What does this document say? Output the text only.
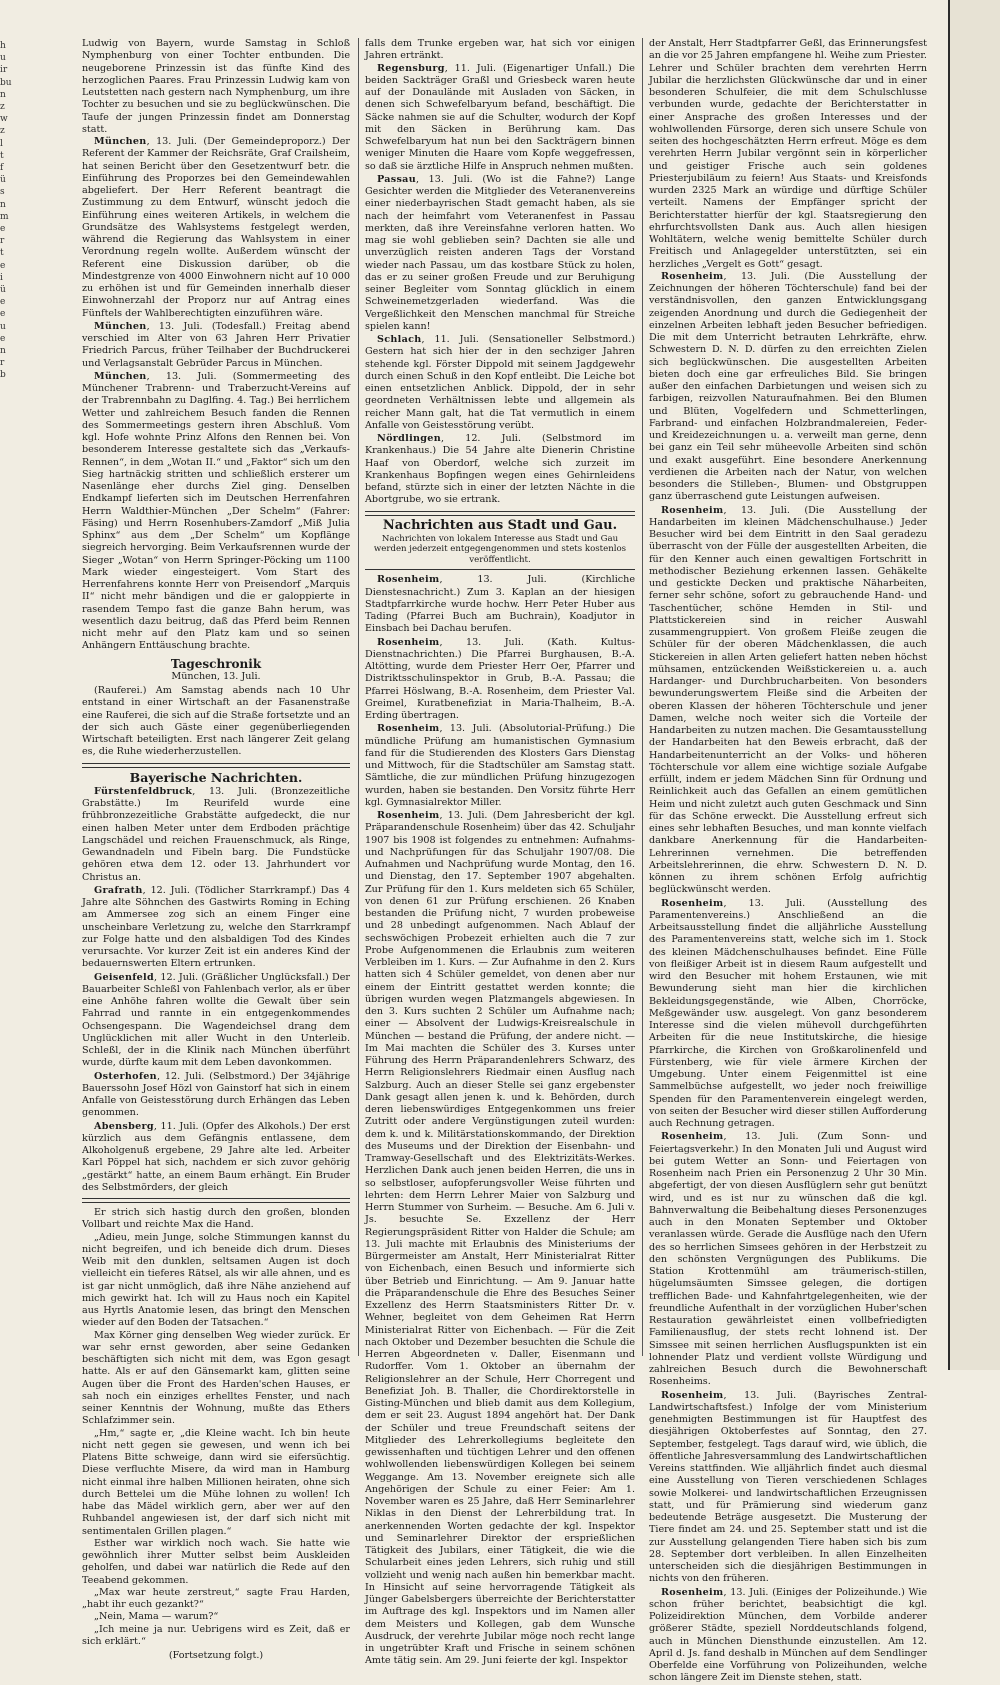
h
u
ir
bu
n
z
w
z
l
t
f
ü
s
n
m
e
r
t
e
i
ü
e
e
u
e
n
r
b

Ludwig von Bayern, wurde Samstag in Schloß Nymphenburg von einer Tochter entbunden. Die neugeborene Prinzessin ist das fünfte Kind des herzoglichen Paares. Frau Prinzessin Ludwig kam von Leutstetten nach gestern nach Nymphenburg, um ihre Tochter zu besuchen und sie zu beglückwünschen. Die Taufe der jungen Prinzessin findet am Donnerstag statt.

München, 13. Juli. (Der Gemeindeproporz.) Der Referent der Kammer der Reichsräte, Graf Crailsheim, hat seinen Bericht über den Gesetzentwurf betr. die Einführung des Proporzes bei den Gemeindewahlen abgeliefert. Der Herr Referent beantragt die Zustimmung zu dem Entwurf, wünscht jedoch die Einführung eines weiteren Artikels, in welchem die Grundsätze des Wahlsystems festgelegt werden, während die Regierung das Wahlsystem in einer Verordnung regeln wollte. Außerdem wünscht der Referent eine Diskussion darüber, ob die Mindestgrenze von 4000 Einwohnern nicht auf 10 000 zu erhöhen ist und für Gemeinden innerhalb dieser Einwohnerzahl der Proporz nur auf Antrag eines Fünftels der Wahlberechtigten einzuführen wäre.

München, 13. Juli. (Todesfall.) Freitag abend verschied im Alter von 63 Jahren Herr Privatier Friedrich Parcus, früher Teilhaber der Buchdruckerei und Verlagsanstalt Gebrüder Parcus in München.

München, 13. Juli. (Sommermeeting des Münchener Trabrenn- und Traberzucht-Vereins auf der Trabrennbahn zu Daglfing. 4. Tag.) Bei herrlichem Wetter und zahlreichem Besuch fanden die Rennen des Sommermeetings gestern ihren Abschluß. Vom kgl. Hofe wohnte Prinz Alfons den Rennen bei. Von besonderem Interesse gestaltete sich das „Verkaufs-Rennen“, in dem „Wotan II.“ und „Faktor“ sich um den Sieg hartnäckig stritten und schließlich ersterer um Nasenlänge eher durchs Ziel ging. Denselben Endkampf lieferten sich im Deutschen Herrenfahren Herrn Waldthier-München „Der Schelm“ (Fahrer: Fäsing) und Herrn Rosenhubers-Zamdorf „Miß Julia Sphinx“ aus dem „Der Schelm“ um Kopflänge siegreich hervorging. Beim Verkaufsrennen wurde der Sieger „Wotan“ von Herrn Springer-Pöcking um 1100 Mark wieder eingesteigert. Vom Start des Herrenfahrens konnte Herr von Preisendorf „Marquis II“ nicht mehr bändigen und die er galoppierte in rasendem Tempo fast die ganze Bahn herum, was wesentlich dazu beitrug, daß das Pferd beim Rennen nicht mehr auf den Platz kam und so seinen Anhängern Enttäuschung brachte.

Tageschronik
München, 13. Juli.

(Rauferei.) Am Samstag abends nach 10 Uhr entstand in einer Wirtschaft an der Fasanenstraße eine Rauferei, die sich auf die Straße fortsetzte und an der sich auch Gäste einer gegenüberliegenden Wirtschaft beteiligten. Erst nach längerer Zeit gelang es, die Ruhe wiederherzustellen.

Bayerische Nachrichten.

Fürstenfeldbruck, 13. Juli. (Bronzezeitliche Grabstätte.) Im Reurifeld wurde eine frühbronzezeitliche Grabstätte aufgedeckt, die nur einen halben Meter unter dem Erdboden prächtige Langschädel und reichen Frauenschmuck, als Ringe, Gewandnadeln und Fibeln barg. Die Fundstücke gehören etwa dem 12. oder 13. Jahrhundert vor Christus an.

Grafrath, 12. Juli. (Tödlicher Starrkrampf.) Das 4 Jahre alte Söhnchen des Gastwirts Roming in Eching am Ammersee zog sich an einem Finger eine unscheinbare Verletzung zu, welche den Starrkrampf zur Folge hatte und den alsbaldigen Tod des Kindes verursachte. Vor kurzer Zeit ist ein anderes Kind der bedauernswerten Eltern ertrunken.

Geisenfeld, 12. Juli. (Gräßlicher Unglücksfall.) Der Bauarbeiter Schleßl von Fahlenbach verlor, als er über eine Anhöhe fahren wollte die Gewalt über sein Fahrrad und rannte in ein entgegenkommendes Ochsengespann. Die Wagendeichsel drang dem Unglücklichen mit aller Wucht in den Unterleib. Schleßl, der in die Klinik nach München überführt wurde, dürfte kaum mit dem Leben davonkommen.

Osterhofen, 12. Juli. (Selbstmord.) Der 34jährige Bauerssohn Josef Hözl von Gainstorf hat sich in einem Anfalle von Geistesstörung durch Erhängen das Leben genommen.

Abensberg, 11. Juli. (Opfer des Alkohols.) Der erst kürzlich aus dem Gefängnis entlassene, dem Alkoholgenuß ergebene, 29 Jahre alte led. Arbeiter Karl Pöppel hat sich, nachdem er sich zuvor gehörig „gestärkt“ hatte, an einem Baum erhängt. Ein Bruder des Selbstmörders, der gleich

Er strich sich hastig durch den großen, blonden Vollbart und reichte Max die Hand.

„Adieu, mein Junge, solche Stimmungen kannst du nicht begreifen, und ich beneide dich drum. Dieses Weib mit den dunklen, seltsamen Augen ist doch vielleicht ein tieferes Rätsel, als wir alle ahnen, und es ist gar nicht unmöglich, daß ihre Nähe anziehend auf mich gewirkt hat. Ich will zu Haus noch ein Kapitel aus Hyrtls Anatomie lesen, das bringt den Menschen wieder auf den Boden der Tatsachen.“

Max Körner ging denselben Weg wieder zurück. Er war sehr ernst geworden, aber seine Gedanken beschäftigten sich nicht mit dem, was Egon gesagt hatte. Als er auf den Gänsemarkt kam, glitten seine Augen über die Front des Harden'schen Hauses, er sah noch ein einziges erhelltes Fenster, und nach seiner Kenntnis der Wohnung, mußte das Ethers Schlafzimmer sein.

„Hm,“ sagte er, „die Kleine wacht. Ich bin heute nicht nett gegen sie gewesen, und wenn ich bei Platens Bitte schweige, dann wird sie eifersüchtig. Diese verfluchte Misere, da wird man in Hamburg nicht einmal ihre halben Millionen heiraten, ohne sich durch Bettelei um die Mühe lohnen zu wollen! Ich habe das Mädel wirklich gern, aber wer auf den Ruhbandel angewiesen ist, der darf sich nicht mit sentimentalen Grillen plagen.“

Esther war wirklich noch wach. Sie hatte wie gewöhnlich ihrer Mutter selbst beim Auskleiden geholfen, und dabei war natürlich die Rede auf den Teeabend gekommen.

„Max war heute zerstreut,“ sagte Frau Harden, „habt ihr euch gezankt?“

„Nein, Mama — warum?“

„Ich meine ja nur. Uebrigens wird es Zeit, daß er sich erklärt.“

(Fortsetzung folgt.)

falls dem Trunke ergeben war, hat sich vor einigen Jahren ertränkt.

Regensburg, 11. Juli. (Eigenartiger Unfall.) Die beiden Sackträger Graßl und Griesbeck waren heute auf der Donaulände mit Ausladen von Säcken, in denen sich Schwefelbaryum befand, beschäftigt. Die Säcke nahmen sie auf die Schulter, wodurch der Kopf mit den Säcken in Berührung kam. Das Schwefelbaryum hat nun bei den Sackträgern binnen weniger Minuten die Haare vom Kopfe weggefressen, so daß sie ärztliche Hilfe in Anspruch nehmen mußten.

Passau, 13. Juli. (Wo ist die Fahne?) Lange Gesichter werden die Mitglieder des Veteranenvereins einer niederbayrischen Stadt gemacht haben, als sie nach der heimfahrt vom Veteranenfest in Passau merkten, daß ihre Vereinsfahne verloren hatten. Wo mag sie wohl geblieben sein? Dachten sie alle und unverzüglich reisten anderen Tags der Vorstand wieder nach Passau, um das kostbare Stück zu holen, das er zu seiner großen Freude und zur Beruhigung seiner Begleiter vom Sonntag glücklich in einem Schweinemetzgerladen wiederfand. Was die Vergeßlichkeit den Menschen manchmal für Streiche spielen kann!

Schlach, 11. Juli. (Sensationeller Selbstmord.) Gestern hat sich hier der in den sechziger Jahren stehende kgl. Förster Dippold mit seinem Jagdgewehr durch einen Schuß in den Kopf entleibt. Die Leiche bot einen entsetzlichen Anblick. Dippold, der in sehr geordneten Verhältnissen lebte und allgemein als reicher Mann galt, hat die Tat vermutlich in einem Anfalle von Geistesstörung verübt.

Nördlingen, 12. Juli. (Selbstmord im Krankenhaus.) Die 54 Jahre alte Dienerin Christine Haaf von Oberdorf, welche sich zurzeit im Krankenhaus Bopfingen wegen eines Gehirnleidens befand, stürzte sich in einer der letzten Nächte in die Abortgrube, wo sie ertrank.

Nachrichten aus Stadt und Gau.
Nachrichten von lokalem Interesse aus Stadt und Gau werden jederzeit entgegengenommen und stets kostenlos veröffentlicht.

Rosenheim, 13. Juli. (Kirchliche Dienstesnachricht.) Zum 3. Kaplan an der hiesigen Stadtpfarrkirche wurde hochw. Herr Peter Huber aus Tading (Pfarrei Buch am Buchrain), Koadjutor in Einsbach bei Dachau berufen.

Rosenheim, 13. Juli. (Kath. Kultus-Dienstnachrichten.) Die Pfarrei Burghausen, B.-A. Altötting, wurde dem Priester Herr Oer, Pfarrer und Distriktsschulinspektor in Grub, B.-A. Passau; die Pfarrei Höslwang, B.-A. Rosenheim, dem Priester Val. Greimel, Kuratbenefiziat in Maria-Thalheim, B.-A. Erding übertragen.

Rosenheim, 13. Juli. (Absolutorial-Prüfung.) Die mündliche Prüfung am humanistischen Gymnasium fand für die Studierenden des Klosters Gars Dienstag und Mittwoch, für die Stadtschüler am Samstag statt. Sämtliche, die zur mündlichen Prüfung hinzugezogen wurden, haben sie bestanden. Den Vorsitz führte Herr kgl. Gymnasialrektor Miller.

Rosenheim, 13. Juli. (Dem Jahresbericht der kgl. Präparandenschule Rosenheim) über das 42. Schuljahr 1907 bis 1908 ist folgendes zu entnehmen: Aufnahms- und Nachprüfungen für das Schuljahr 1907/08. Die Aufnahmen und Nachprüfung wurde Montag, den 16. und Dienstag, den 17. September 1907 abgehalten. Zur Prüfung für den 1. Kurs meldeten sich 65 Schüler, von denen 61 zur Prüfung erschienen. 26 Knaben bestanden die Prüfung nicht, 7 wurden probeweise und 28 unbedingt aufgenommen. Nach Ablauf der sechswöchigen Probezeit erhielten auch die 7 zur Probe Aufgenommenen die Erlaubnis zum weiteren Verbleiben im 1. Kurs. — Zur Aufnahme in den 2. Kurs hatten sich 4 Schüler gemeldet, von denen aber nur einem der Eintritt gestattet werden konnte; die übrigen wurden wegen Platzmangels abgewiesen. In den 3. Kurs suchten 2 Schüler um Aufnahme nach; einer — Absolvent der Ludwigs-Kreisrealschule in München — bestand die Prüfung, der andere nicht. — Im Mai machten die Schüler des 3. Kurses unter Führung des Herrn Präparandenlehrers Schwarz, des Herrn Religionslehrers Riedmair einen Ausflug nach Salzburg. Auch an dieser Stelle sei ganz ergebenster Dank gesagt allen jenen k. und k. Behörden, durch deren liebenswürdiges Entgegenkommen uns freier Zutritt oder andere Vergünstigungen zuteil wurden: dem k. und k. Militärstationskommando, der Direktion des Museums und der Direktion der Eisenbahn- und Tramway-Gesellschaft und des Elektrizitäts-Werkes. Herzlichen Dank auch jenen beiden Herren, die uns in so selbstloser, aufopferungsvoller Weise führten und lehrten: dem Herrn Lehrer Maier von Salzburg und Herrn Stummer von Surheim. — Besuche. Am 6. Juli v. Js. besuchte Se. Exzellenz der Herr Regierungspräsident Ritter von Halder die Schule; am 13. Juli machte mit Erlaubnis des Ministeriums der Bürgermeister am Anstalt, Herr Ministerialrat Ritter von Eichenbach, einen Besuch und informierte sich über Betrieb und Einrichtung. — Am 9. Januar hatte die Präparandenschule die Ehre des Besuches Seiner Exzellenz des Herrn Staatsministers Ritter Dr. v. Wehner, begleitet von dem Geheimen Rat Herrn Ministerialrat Ritter von Eichenbach. — Für die Zeit nach Oktober und Dezember besuchten die Schule die Herren Abgeordneten v. Daller, Eisenmann und Rudorffer. Vom 1. Oktober an übernahm der Religionslehrer an der Schule, Herr Chorregent und Benefiziat Joh. B. Thaller, die Chordirektorstelle in Gisting-München und blieb damit aus dem Kollegium, dem er seit 23. August 1894 angehört hat. Der Dank der Schüler und treue Freundschaft seitens der Mitglieder des Lehrerkollegiums begleitete den gewissenhaften und tüchtigen Lehrer und den offenen wohlwollenden liebenswürdigen Kollegen bei seinem Weggange. Am 13. November ereignete sich alle Angehörigen der Schule zu einer Feier: Am 1. November waren es 25 Jahre, daß Herr Seminarlehrer Niklas in den Dienst der Lehrerbildung trat. In anerkennenden Worten gedachte der kgl. Inspektor und Seminarlehrer Direktor der ersprießlichen Tätigkeit des Jubilars, einer Tätigkeit, die wie die Schularbeit eines jeden Lehrers, sich ruhig und still vollzieht und wenig nach außen hin bemerkbar macht. In Hinsicht auf seine hervorragende Tätigkeit als Jünger Gabelsbergers überreichte der Berichterstatter im Auftrage des kgl. Inspektors und im Namen aller dem Meisters und Kollegen, gab dem Wunsche Ausdruck, der verehrte Jubilar möge noch recht lange in ungetrübter Kraft und Frische in seinem schönen Amte tätig sein. Am 29. Juni feierte der kgl. Inspektor

der Anstalt, Herr Stadtpfarrer Geßl, das Erinnerungsfest an die vor 25 Jahren empfangene hl. Weihe zum Priester. Lehrer und Schüler brachten dem verehrten Herrn Jubilar die herzlichsten Glückwünsche dar und in einer besonderen Schulfeier, die mit dem Schulschlusse verbunden wurde, gedachte der Berichterstatter in einer Ansprache des großen Interesses und der wohlwollenden Fürsorge, deren sich unsere Schule von seiten des hochgeschätzten Herrn erfreut. Möge es dem verehrten Herrn Jubilar vergönnt sein in körperlicher und geistiger Frische auch sein goldenes Priesterjubiläum zu feiern! Aus Staats- und Kreisfonds wurden 2325 Mark an würdige und dürftige Schüler verteilt. Namens der Empfänger spricht der Berichterstatter hierfür der kgl. Staatsregierung den ehrfurchtsvollsten Dank aus. Auch allen hiesigen Wohltätern, welche wenig bemittelte Schüler durch Freitisch und Anlagegelder unterstützten, sei ein herzliches „Vergelt es Gott“ gesagt.

Rosenheim, 13. Juli. (Die Ausstellung der Zeichnungen der höheren Töchterschule) fand bei der verständnisvollen, den ganzen Entwicklungsgang zeigenden Anordnung und durch die Gediegenheit der einzelnen Arbeiten lebhaft jeden Besucher befriedigen. Die mit dem Unterricht betrauten Lehrkräfte, ehrw. Schwestern D. N. D. dürfen zu den erreichten Zielen sich beglückwünschen. Die ausgestellten Arbeiten bieten doch eine gar erfreuliches Bild. Sie bringen außer den einfachen Darbietungen und weisen sich zu farbigen, reizvollen Naturaufnahmen. Bei den Blumen und Blüten, Vogelfedern und Schmetterlingen, Farbrand- und einfachen Holzbrandmalereien, Feder- und Kreidezeichnungen u. a. verweilt man gerne, denn bei ganz ein Teil sehr müheevolle Arbeiten sind schön und exakt ausgeführt. Eine besondere Anerkennung verdienen die Arbeiten nach der Natur, von welchen besonders die Stilleben-, Blumen- und Obstgruppen ganz überraschend gute Leistungen aufweisen.

Rosenheim, 13. Juli. (Die Ausstellung der Handarbeiten im kleinen Mädchenschulhause.) Jeder Besucher wird bei dem Eintritt in den Saal geradezu überrascht von der Fülle der ausgestellten Arbeiten, die für den Kenner auch einen gewaltigen Fortschritt in methodischer Beziehung erkennen lassen. Gehäkelte und gestickte Decken und praktische Näharbeiten, ferner sehr schöne, sofort zu gebrauchende Hand- und Taschentücher, schöne Hemden in Stil- und Plattstickereien sind in reicher Auswahl zusammengruppiert. Von großem Fleiße zeugen die Schüler für der oberen Mädchenklassen, die auch Stickereien in allen Arten geliefert hatten neben höchst mühsamen, entzückenden Weißstickereien u. a. auch Hardanger- und Durchbrucharbeiten. Von besonders bewunderungswertem Fleiße sind die Arbeiten der oberen Klassen der höheren Töchterschule und jener Damen, welche noch weiter sich die Vorteile der Handarbeiten zu nutzen machen. Die Gesamtausstellung der Handarbeiten hat den Beweis erbracht, daß der Handarbeitenunterricht an der Volks- und höheren Töchterschule vor allem eine wichtige soziale Aufgabe erfüllt, indem er jedem Mädchen Sinn für Ordnung und Reinlichkeit auch das Gefallen an einem gemütlichen Heim und nicht zuletzt auch guten Geschmack und Sinn für das Schöne erweckt. Die Ausstellung erfreut sich eines sehr lebhaften Besuches, und man konnte vielfach dankbare Anerkennung für die Handarbeiten-Lehrerinnen vernehmen. Die betreffenden Arbeitslehrerinnen, die ehrw. Schwestern D. N. D. können zu ihrem schönen Erfolg aufrichtig beglückwünscht werden.

Rosenheim, 13. Juli. (Ausstellung des Paramentenvereins.) Anschließend an die Arbeitsausstellung findet die alljährliche Ausstellung des Paramentenvereins statt, welche sich im 1. Stock des kleinen Mädchenschulhauses befindet. Eine Fülle von fleißiger Arbeit ist in diesem Raum aufgestellt und wird den Besucher mit hohem Erstaunen, wie mit Bewunderung sieht man hier die kirchlichen Bekleidungsgegenstände, wie Alben, Chorröcke, Meßgewänder usw. ausgelegt. Von ganz besonderem Interesse sind die vielen mühevoll durchgeführten Arbeiten für die neue Institutskirche, die hiesige Pfarrkirche, die Kirchen von Großkarolinenfeld und Fürstenberg, wie für viele ärmere Kirchen der Umgebung. Unter einem Feigenmittel ist eine Sammelbüchse aufgestellt, wo jeder noch freiwillige Spenden für den Paramentenverein eingelegt werden, von seiten der Besucher wird dieser stillen Aufforderung auch Rechnung getragen.

Rosenheim, 13. Juli. (Zum Sonn- und Feiertagsverkehr.) In den Monaten Juli und August wird bei gutem Wetter an Sonn- und Feiertagen von Rosenheim nach Prien ein Personenzug 2 Uhr 30 Min. abgefertigt, der von diesen Ausflüglern sehr gut benützt wird, und es ist nur zu wünschen daß die kgl. Bahnverwaltung die Beibehaltung dieses Personenzuges auch in den Monaten September und Oktober veranlassen würde. Gerade die Ausflüge nach den Ufern des so herrlichen Simsees gehören in der Herbstzeit zu den schönsten Vergnügungen des Publikums. Die Station Krottenmühl am träumerisch-stillen, hügelumsäumten Simssee gelegen, die dortigen trefflichen Bade- und Kahnfahrtgelegenheiten, wie der freundliche Aufenthalt in der vorzüglichen Huber'schen Restauration gewährleistet einen vollbefriedigten Familienausflug, der stets recht lohnend ist. Der Simssee mit seinen herrlichen Ausflugspunkten ist ein lohnender Platz und verdient vollste Würdigung und zahlreichen Besuch durch die Bewohnerschaft Rosenheims.

Rosenheim, 13. Juli. (Bayrisches Zentral-Landwirtschaftsfest.) Infolge der vom Ministerium genehmigten Bestimmungen ist für Hauptfest des diesjährigen Oktoberfestes auf Sonntag, den 27. September, festgelegt. Tags darauf wird, wie üblich, die öffentliche Jahresversammlung des Landwirtschaftlichen Vereins stattfinden. Wie alljährlich findet auch diesmal eine Ausstellung von Tieren verschiedenen Schlages sowie Molkerei- und landwirtschaftlichen Erzeugnissen statt, und für Prämierung sind wiederum ganz bedeutende Beträge ausgesetzt. Die Musterung der Tiere findet am 24. und 25. September statt und ist die zur Ausstellung gelangenden Tiere haben sich bis zum 28. September dort verbleiben. In allen Einzelheiten unterscheiden sich die diesjährigen Bestimmungen in nichts von den früheren.

Rosenheim, 13. Juli. (Einiges der Polizeihunde.) Wie schon früher berichtet, beabsichtigt die kgl. Polizeidirektion München, dem Vorbilde anderer größerer Städte, speziell Norddeutschlands folgend, auch in München Diensthunde einzustellen. Am 12. April d. Js. fand deshalb in München auf dem Sendlinger Oberfelde eine Vorführung von Polizeihunden, welche schon längere Zeit im Dienste stehen, statt.
